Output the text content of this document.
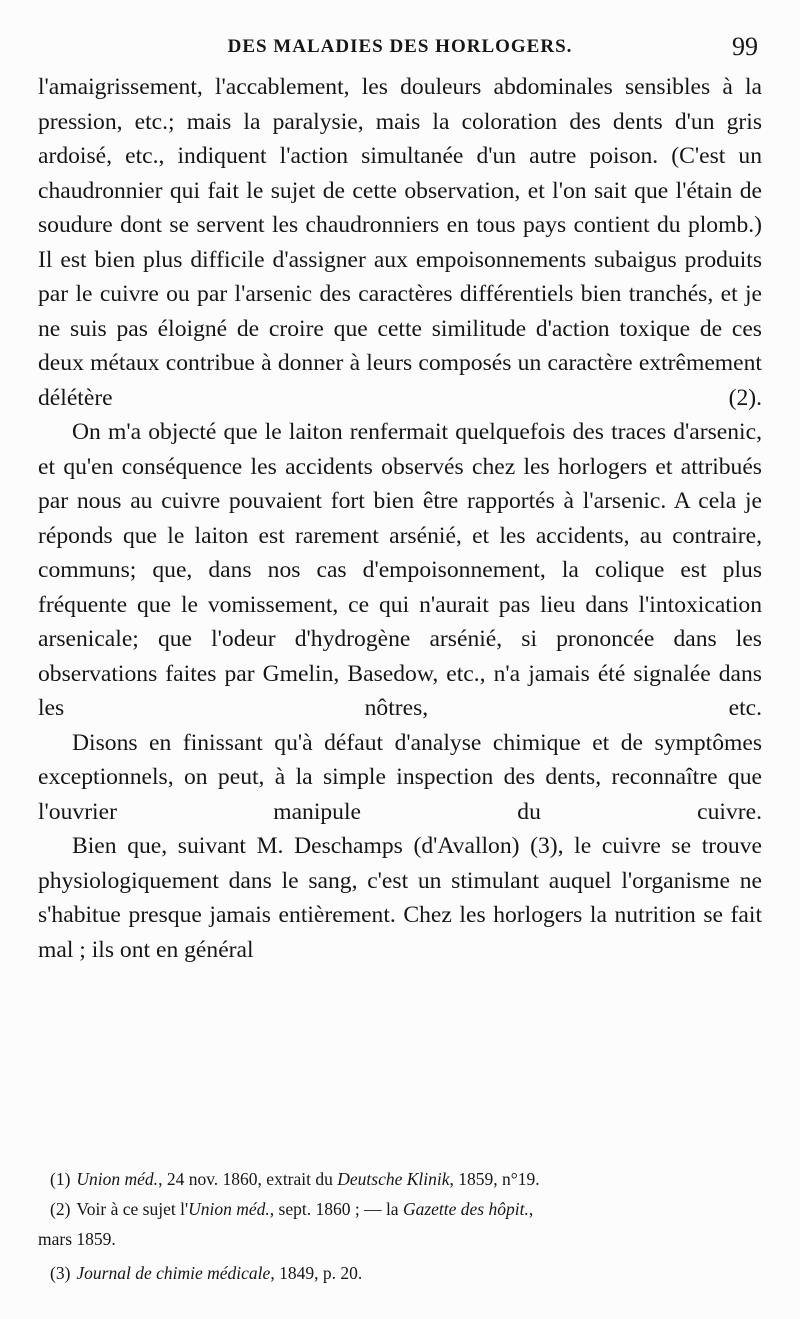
DES MALADIES DES HORLOGERS.	99

l'amaigrissement, l'accablement, les douleurs abdominales sensibles à la pression, etc.; mais la paralysie, mais la coloration des dents d'un gris ardoisé, etc., indiquent l'action simultanée d'un autre poison. (C'est un chaudronnier qui fait le sujet de cette observation, et l'on sait que l'étain de soudure dont se servent les chaudronniers en tous pays contient du plomb.) Il est bien plus difficile d'assigner aux empoisonnements subaigus produits par le cuivre ou par l'arsenic des caractères différentiels bien tranchés, et je ne suis pas éloigné de croire que cette similitude d'action toxique de ces deux métaux contribue à donner à leurs composés un caractère extrêmement délétère (2).

On m'a objecté que le laiton renfermait quelquefois des traces d'arsenic, et qu'en conséquence les accidents observés chez les horlogers et attribués par nous au cuivre pouvaient fort bien être rapportés à l'arsenic. A cela je réponds que le laiton est rarement arsénié, et les accidents, au contraire, communs; que, dans nos cas d'empoisonnement, la colique est plus fréquente que le vomissement, ce qui n'aurait pas lieu dans l'intoxication arsenicale; que l'odeur d'hydrogène arsénié, si prononcée dans les observations faites par Gmelin, Basedow, etc., n'a jamais été signalée dans les nôtres, etc.

Disons en finissant qu'à défaut d'analyse chimique et de symptômes exceptionnels, on peut, à la simple inspection des dents, reconnaître que l'ouvrier manipule du cuivre.

Bien que, suivant M. Deschamps (d'Avallon) (3), le cuivre se trouve physiologiquement dans le sang, c'est un stimulant auquel l'organisme ne s'habitue presque jamais entièrement. Chez les horlogers la nutrition se fait mal ; ils ont en général

(1) Union méd., 24 nov. 1860, extrait du Deutsche Klinik, 1859, n°19.

(2) Voir à ce sujet l'Union méd., sept. 1860 ; — la Gazette des hôpit.,

mars 1859.

(3) Journal de chimie médicale, 1849, p. 20.
